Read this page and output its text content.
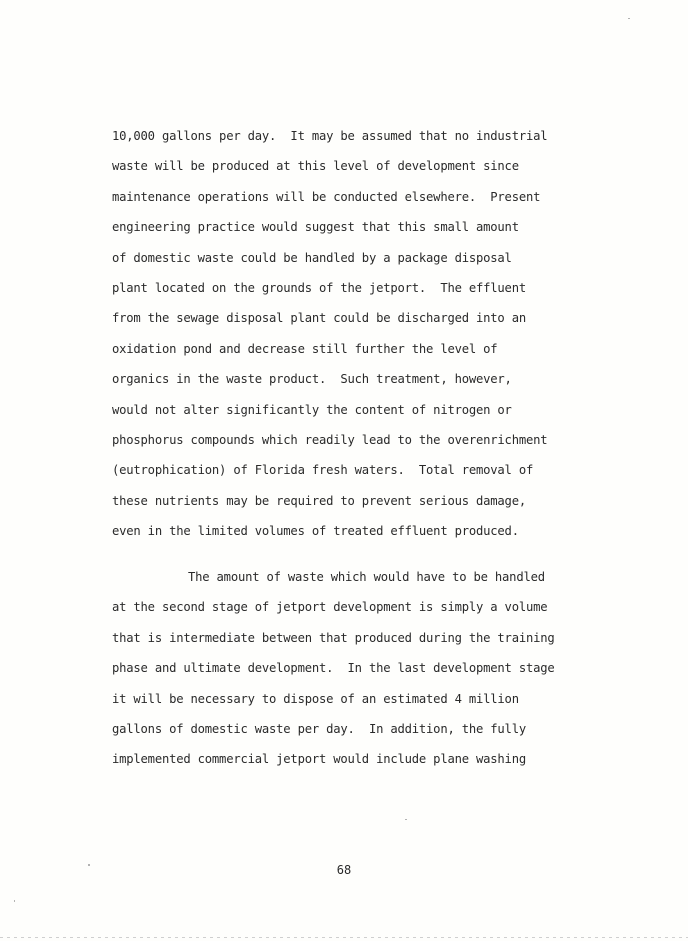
10,000 gallons per day.  It may be assumed that no industrial
waste will be produced at this level of development since
maintenance operations will be conducted elsewhere.  Present
engineering practice would suggest that this small amount
of domestic waste could be handled by a package disposal
plant located on the grounds of the jetport.  The effluent
from the sewage disposal plant could be discharged into an
oxidation pond and decrease still further the level of
organics in the waste product.  Such treatment, however,
would not alter significantly the content of nitrogen or
phosphorus compounds which readily lead to the overenrichment
(eutrophication) of Florida fresh waters.  Total removal of
these nutrients may be required to prevent serious damage,
even in the limited volumes of treated effluent produced.
The amount of waste which would have to be handled
at the second stage of jetport development is simply a volume
that is intermediate between that produced during the training
phase and ultimate development.  In the last development stage
it will be necessary to dispose of an estimated 4 million
gallons of domestic waste per day.  In addition, the fully
implemented commercial jetport would include plane washing
68
